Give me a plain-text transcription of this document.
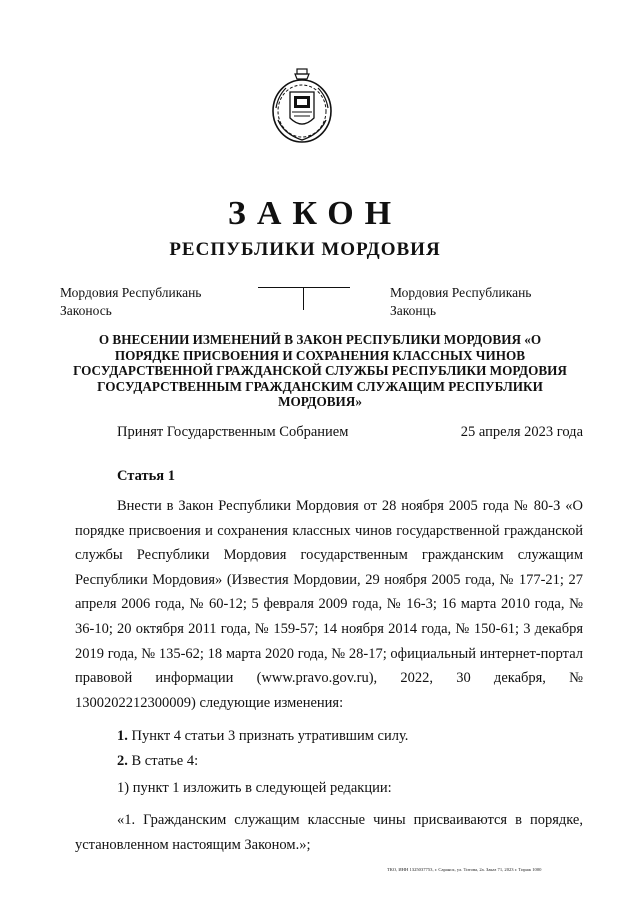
ЗАКОН
РЕСПУБЛИКИ МОРДОВИЯ
Мордовия Республикань
Законось
Мордовия Республикань
Законць
О ВНЕСЕНИИ ИЗМЕНЕНИЙ В ЗАКОН РЕСПУБЛИКИ МОРДОВИЯ «О ПОРЯДКЕ ПРИСВОЕНИЯ И СОХРАНЕНИЯ КЛАССНЫХ ЧИНОВ ГОСУДАРСТВЕННОЙ ГРАЖДАНСКОЙ СЛУЖБЫ РЕСПУБЛИКИ МОРДОВИЯ ГОСУДАРСТВЕННЫМ ГРАЖДАНСКИМ СЛУЖАЩИМ РЕСПУБЛИКИ МОРДОВИЯ»
Принят Государственным Собранием	25 апреля 2023 года
Статья 1
Внести в Закон Республики Мордовия от 28 ноября 2005 года № 80-З «О порядке присвоения и сохранения классных чинов государственной гражданской службы Республики Мордовия государственным гражданским служащим Республики Мордовия» (Известия Мордовии, 29 ноября 2005 года, № 177-21; 27 апреля 2006 года, № 60-12; 5 февраля 2009 года, № 16-3; 16 марта 2010 года, № 36-10; 20 октября 2011 года, № 159-57; 14 ноября 2014 года, № 150-61; 3 декабря 2019 года, № 135-62; 18 марта 2020 года, № 28-17; официальный интернет-портал правовой информации (www.pravo.gov.ru), 2022, 30 декабря, № 1300202212300009) следующие изменения:
1. Пункт 4 статьи 3 признать утратившим силу.
2. В статье 4:
1) пункт 1 изложить в следующей редакции:
«1. Гражданским служащим классные чины присваиваются в порядке, установленном настоящим Законом.»;
ТКО, ИНН 1325037753, г. Саранск, ул. Титова, 2а. Заказ 71, 2023 г. Тираж 1000
